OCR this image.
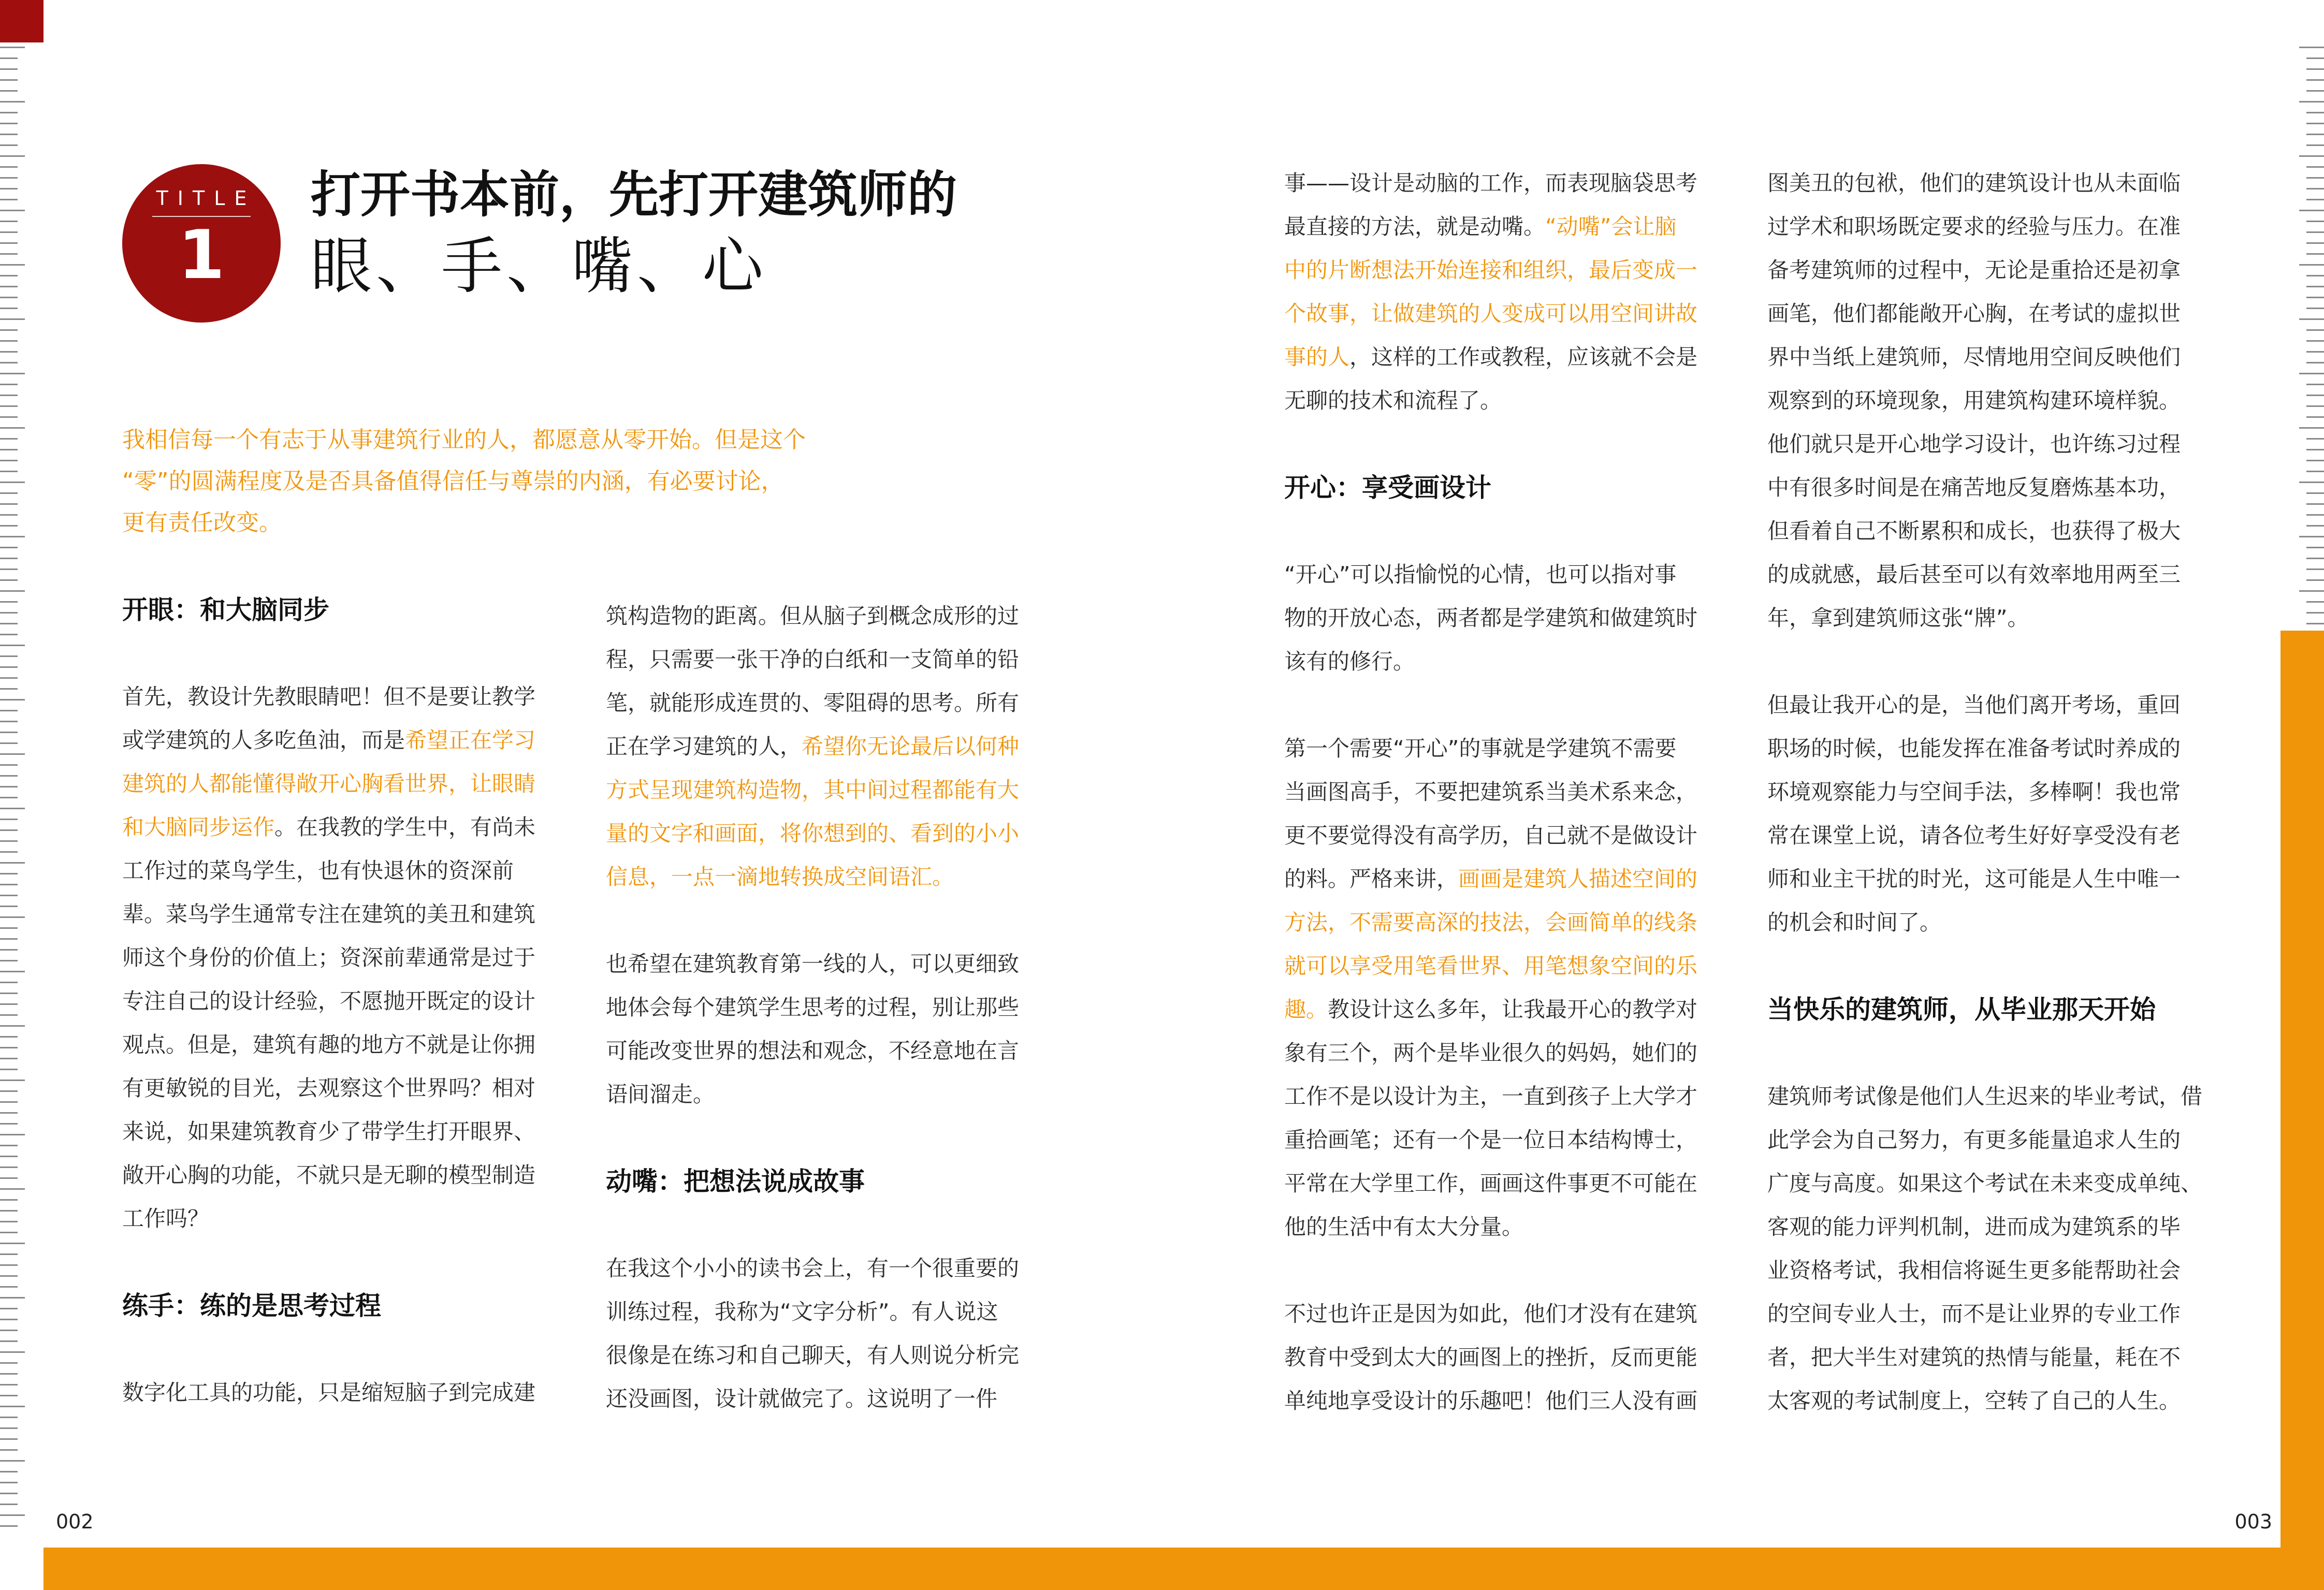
TITLE
1
打开书本前，先打开建筑师的
眼、手、嘴、心
我相信每一个有志于从事建筑行业的人，都愿意从零开始。但是这个
“零”的圆满程度及是否具备值得信任与尊崇的内涵，有必要讨论，
更有责任改变。
开眼：和大脑同步
首先，教设计先教眼睛吧！但不是要让教学
或学建筑的人多吃鱼油，而是希望正在学习
建筑的人都能懂得敞开心胸看世界，让眼睛
和大脑同步运作。在我教的学生中，有尚未
工作过的菜鸟学生，也有快退休的资深前
辈。菜鸟学生通常专注在建筑的美丑和建筑
师这个身份的价值上；资深前辈通常是过于
专注自己的设计经验，不愿抛开既定的设计
观点。但是，建筑有趣的地方不就是让你拥
有更敏锐的目光，去观察这个世界吗？相对
来说，如果建筑教育少了带学生打开眼界、
敞开心胸的功能，不就只是无聊的模型制造
工作吗？
练手：练的是思考过程
数字化工具的功能，只是缩短脑子到完成建
筑构造物的距离。但从脑子到概念成形的过
程，只需要一张干净的白纸和一支简单的铅
笔，就能形成连贯的、零阻碍的思考。所有
正在学习建筑的人，希望你无论最后以何种
方式呈现建筑构造物，其中间过程都能有大
量的文字和画面，将你想到的、看到的小小
信息，一点一滴地转换成空间语汇。
也希望在建筑教育第一线的人，可以更细致
地体会每个建筑学生思考的过程，别让那些
可能改变世界的想法和观念，不经意地在言
语间溜走。
动嘴：把想法说成故事
在我这个小小的读书会上，有一个很重要的
训练过程，我称为“文字分析”。有人说这
很像是在练习和自己聊天，有人则说分析完
还没画图，设计就做完了。这说明了一件
事——设计是动脑的工作，而表现脑袋思考
最直接的方法，就是动嘴。“动嘴”会让脑
中的片断想法开始连接和组织，最后变成一
个故事，让做建筑的人变成可以用空间讲故
事的人，这样的工作或教程，应该就不会是
无聊的技术和流程了。
开心：享受画设计
“开心”可以指愉悦的心情，也可以指对事
物的开放心态，两者都是学建筑和做建筑时
该有的修行。
第一个需要“开心”的事就是学建筑不需要
当画图高手，不要把建筑系当美术系来念，
更不要觉得没有高学历，自己就不是做设计
的料。严格来讲，画画是建筑人描述空间的
方法，不需要高深的技法，会画简单的线条
就可以享受用笔看世界、用笔想象空间的乐
趣。教设计这么多年，让我最开心的教学对
象有三个，两个是毕业很久的妈妈，她们的
工作不是以设计为主，一直到孩子上大学才
重拾画笔；还有一个是一位日本结构博士，
平常在大学里工作，画画这件事更不可能在
他的生活中有太大分量。
不过也许正是因为如此，他们才没有在建筑
教育中受到太大的画图上的挫折，反而更能
单纯地享受设计的乐趣吧！他们三人没有画
图美丑的包袱，他们的建筑设计也从未面临
过学术和职场既定要求的经验与压力。在准
备考建筑师的过程中，无论是重拾还是初拿
画笔，他们都能敞开心胸，在考试的虚拟世
界中当纸上建筑师，尽情地用空间反映他们
观察到的环境现象，用建筑构建环境样貌。
他们就只是开心地学习设计，也许练习过程
中有很多时间是在痛苦地反复磨炼基本功，
但看着自己不断累积和成长，也获得了极大
的成就感，最后甚至可以有效率地用两至三
年，拿到建筑师这张“牌”。
但最让我开心的是，当他们离开考场，重回
职场的时候，也能发挥在准备考试时养成的
环境观察能力与空间手法，多棒啊！我也常
常在课堂上说，请各位考生好好享受没有老
师和业主干扰的时光，这可能是人生中唯一
的机会和时间了。
当快乐的建筑师，从毕业那天开始
建筑师考试像是他们人生迟来的毕业考试，借
此学会为自己努力，有更多能量追求人生的
广度与高度。如果这个考试在未来变成单纯、
客观的能力评判机制，进而成为建筑系的毕
业资格考试，我相信将诞生更多能帮助社会
的空间专业人士，而不是让业界的专业工作
者，把大半生对建筑的热情与能量，耗在不
太客观的考试制度上，空转了自己的人生。
002	003
